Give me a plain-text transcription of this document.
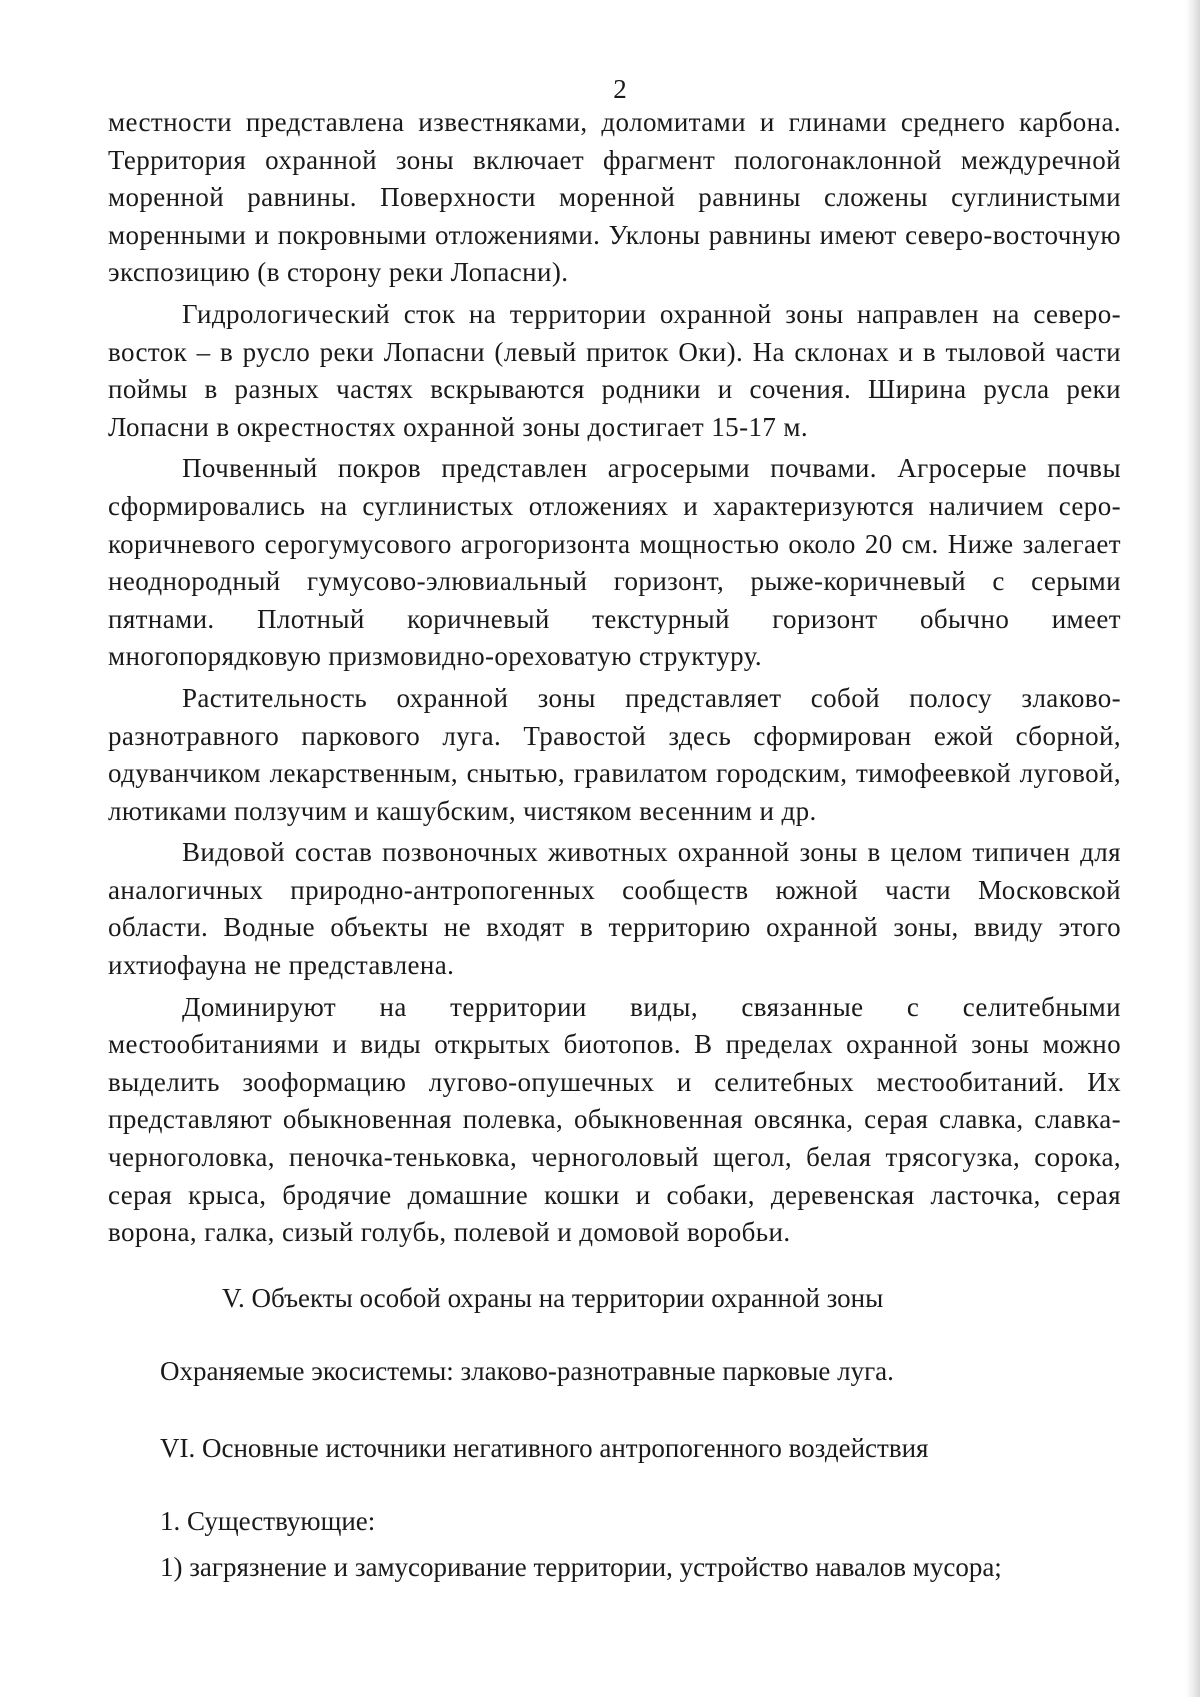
2

местности представлена известняками, доломитами и глинами среднего карбона. Территория охранной зоны включает фрагмент пологонаклонной междуречной моренной равнины. Поверхности моренной равнины сложены суглинистыми моренными и покровными отложениями. Уклоны равнины имеют северо-восточную экспозицию (в сторону реки Лопасни).

Гидрологический сток на территории охранной зоны направлен на северо-восток – в русло реки Лопасни (левый приток Оки). На склонах и в тыловой части поймы в разных частях вскрываются родники и сочения. Ширина русла реки Лопасни в окрестностях охранной зоны достигает 15-17 м.

Почвенный покров представлен агросерыми почвами. Агросерые почвы сформировались на суглинистых отложениях и характеризуются наличием серо-коричневого серогумусового агрогоризонта мощностью около 20 см. Ниже залегает неоднородный гумусово-элювиальный горизонт, рыже-коричневый с серыми пятнами. Плотный коричневый текстурный горизонт обычно имеет многопорядковую призмовидно-ореховатую структуру.

Растительность охранной зоны представляет собой полосу злаково-разнотравного паркового луга. Травостой здесь сформирован ежой сборной, одуванчиком лекарственным, снытью, гравилатом городским, тимофеевкой луговой, лютиками ползучим и кашубским, чистяком весенним и др.

Видовой состав позвоночных животных охранной зоны в целом типичен для аналогичных природно-антропогенных сообществ южной части Московской области. Водные объекты не входят в территорию охранной зоны, ввиду этого ихтиофауна не представлена.

Доминируют на территории виды, связанные с селитебными местообитаниями и виды открытых биотопов. В пределах охранной зоны можно выделить зооформацию лугово-опушечных и селитебных местообитаний. Их представляют обыкновенная полевка, обыкновенная овсянка, серая славка, славка-черноголовка, пеночка-теньковка, черноголовый щегол, белая трясогузка, сорока, серая крыса, бродячие домашние кошки и собаки, деревенская ласточка, серая ворона, галка, сизый голубь, полевой и домовой воробьи.

V. Объекты особой охраны на территории охранной зоны
Охраняемые экосистемы: злаково-разнотравные парковые луга.
VI. Основные источники негативного антропогенного воздействия
1. Существующие:
1) загрязнение и замусоривание территории, устройство навалов мусора;
